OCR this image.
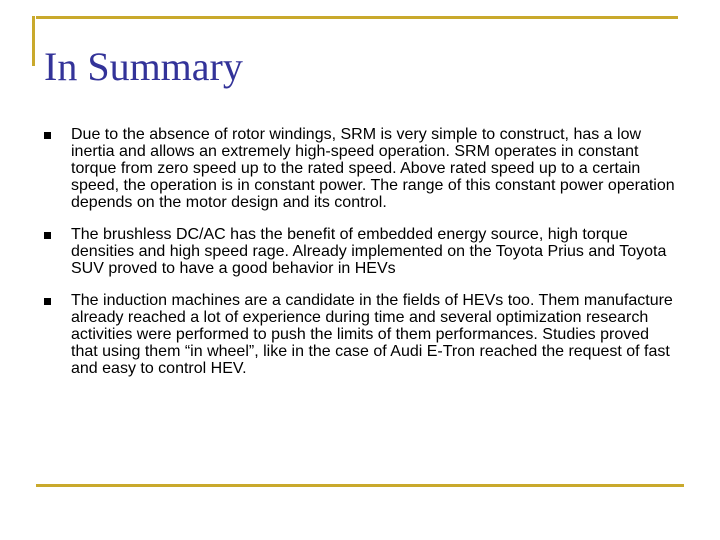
In Summary
Due to the absence of rotor windings, SRM is very simple to construct, has a low inertia and allows an extremely high-speed operation. SRM operates in constant torque from zero speed up to the rated speed. Above rated speed up to a certain speed, the operation is in constant power. The range of this constant power operation depends on the motor design and its control.
The brushless DC/AC has the benefit of embedded energy source, high torque densities and high speed rage. Already implemented on the Toyota Prius and Toyota SUV proved to have a good behavior in HEVs
The induction machines are a candidate in the fields of HEVs too. Them manufacture already reached a lot of experience during time and several optimization research activities were performed to push the limits of them performances. Studies proved that using them “in wheel”, like in the case of Audi E-Tron reached the request of fast and easy to control HEV.
